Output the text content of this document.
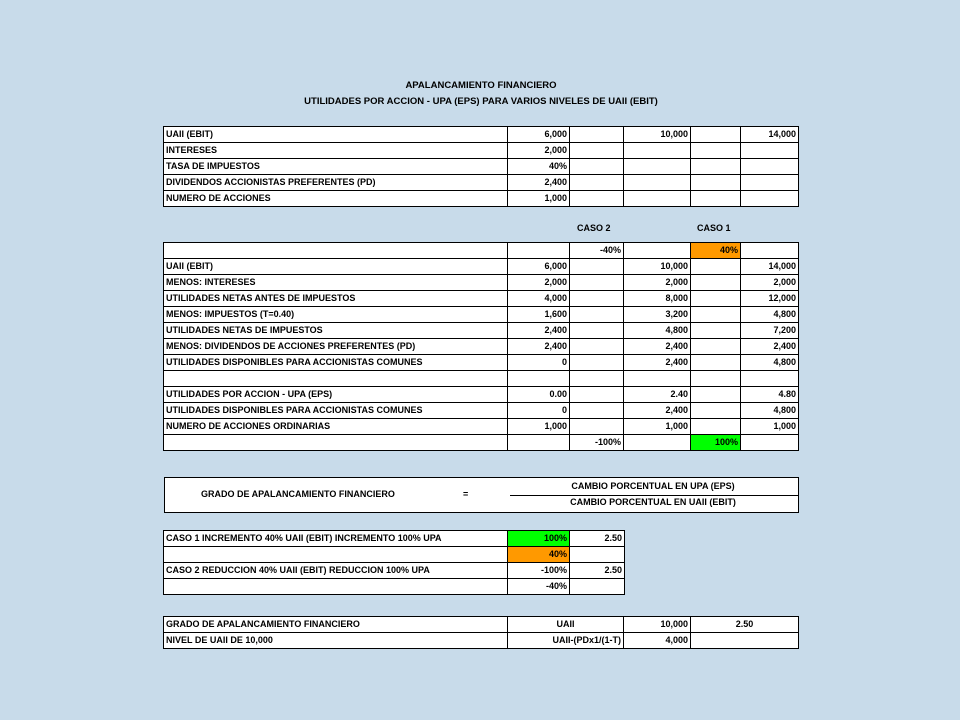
APALANCAMIENTO FINANCIERO
UTILIDADES POR ACCION - UPA (EPS) PARA VARIOS NIVELES DE UAII (EBIT)
UAII (EBIT)	6,000		10,000		14,000
INTERESES	2,000				
TASA DE IMPUESTOS	40%				
DIVIDENDOS ACCIONISTAS PREFERENTES (PD)	2,400				
NUMERO DE ACCIONES	1,000				
CASO 2	CASO 1
		-40%		40%	
UAII (EBIT)	6,000		10,000		14,000
MENOS: INTERESES	2,000		2,000		2,000
UTILIDADES NETAS ANTES DE IMPUESTOS	4,000		8,000		12,000
MENOS: IMPUESTOS (T=0.40)	1,600		3,200		4,800
UTILIDADES NETAS DE IMPUESTOS	2,400		4,800		7,200
MENOS: DIVIDENDOS DE ACCIONES PREFERENTES (PD)	2,400		2,400		2,400
UTILIDADES DISPONIBLES PARA ACCIONISTAS COMUNES	0		2,400		4,800

UTILIDADES POR ACCION - UPA (EPS)	0.00		2.40		4.80
UTILIDADES DISPONIBLES PARA ACCIONISTAS COMUNES	0		2,400		4,800
NUMERO DE ACCIONES ORDINARIAS	1,000		1,000		1,000
		-100%		100%	
GRADO DE APALANCAMIENTO FINANCIERO	=
CAMBIO PORCENTUAL EN UPA (EPS)
CAMBIO PORCENTUAL EN UAII (EBIT)
CASO 1 INCREMENTO 40% UAII (EBIT) INCREMENTO 100% UPA	100%	2.50
	40%	
CASO 2 REDUCCION 40% UAII (EBIT) REDUCCION 100% UPA	-100%	2.50
	-40%	
GRADO DE APALANCAMIENTO FINANCIERO	UAII	10,000	2.50
NIVEL DE UAII DE 10,000	UAII-(PDx1/(1-T)	4,000	
